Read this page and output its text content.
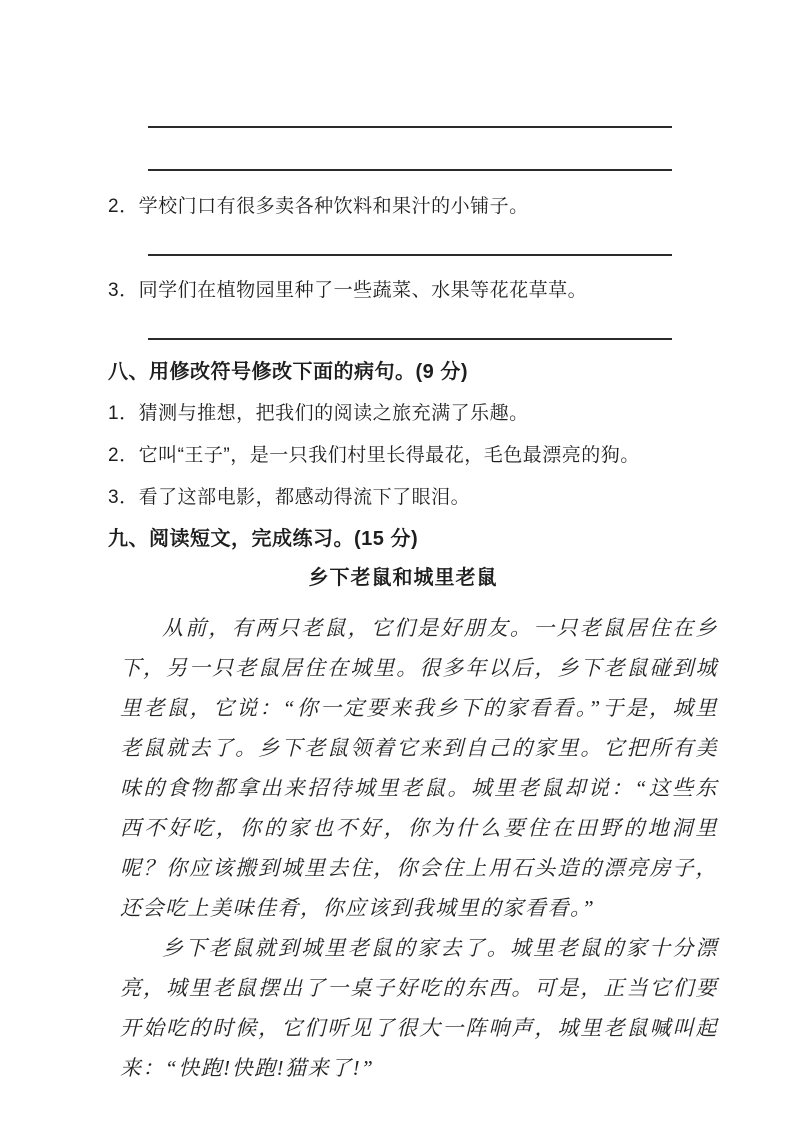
2．学校门口有很多卖各种饮料和果汁的小铺子。

3．同学们在植物园里种了一些蔬菜、水果等花花草草。

八、用修改符号修改下面的病句。(9 分)

1．猜测与推想，把我们的阅读之旅充满了乐趣。

2．它叫“王子”，是一只我们村里长得最花，毛色最漂亮的狗。

3．看了这部电影，都感动得流下了眼泪。

九、阅读短文，完成练习。(15 分)
乡下老鼠和城里老鼠

从前，有两只老鼠，它们是好朋友。一只老鼠居住在乡下，另一只老鼠居住在城里。很多年以后，乡下老鼠碰到城里老鼠，它说：“你一定要来我乡下的家看看。”于是，城里老鼠就去了。乡下老鼠领着它来到自己的家里。它把所有美味的食物都拿出来招待城里老鼠。城里老鼠却说：“这些东西不好吃，你的家也不好，你为什么要住在田野的地洞里呢？你应该搬到城里去住，你会住上用石头造的漂亮房子，还会吃上美味佳肴，你应该到我城里的家看看。”

乡下老鼠就到城里老鼠的家去了。城里老鼠的家十分漂亮，城里老鼠摆出了一桌子好吃的东西。可是，正当它们要开始吃的时候，它们听见了很大一阵响声，城里老鼠喊叫起来：“快跑!快跑!猫来了!”
